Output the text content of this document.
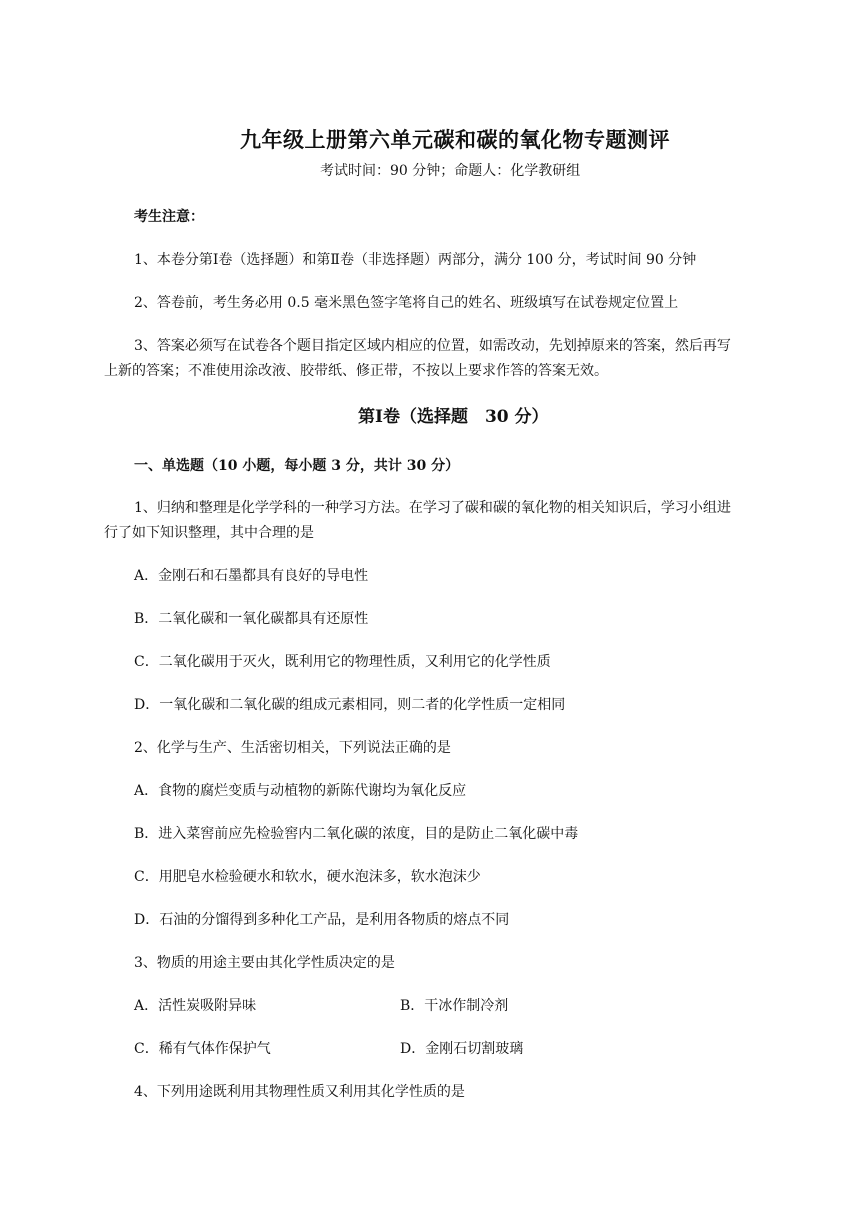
九年级上册第六单元碳和碳的氧化物专题测评
考试时间：90 分钟；命题人：化学教研组
考生注意：
1、本卷分第Ⅰ卷（选择题）和第Ⅱ卷（非选择题）两部分，满分 100 分，考试时间 90 分钟
2、答卷前，考生务必用 0.5 毫米黑色签字笔将自己的姓名、班级填写在试卷规定位置上
3、答案必须写在试卷各个题目指定区域内相应的位置，如需改动，先划掉原来的答案，然后再写
上新的答案；不准使用涂改液、胶带纸、修正带，不按以上要求作答的答案无效。
第Ⅰ卷（选择题　30 分）
一、单选题（10 小题，每小题 3 分，共计 30 分）
1、归纳和整理是化学学科的一种学习方法。在学习了碳和碳的氧化物的相关知识后，学习小组进
行了如下知识整理，其中合理的是
A．金刚石和石墨都具有良好的导电性
B．二氧化碳和一氧化碳都具有还原性
C．二氧化碳用于灭火，既利用它的物理性质，又利用它的化学性质
D．一氧化碳和二氧化碳的组成元素相同，则二者的化学性质一定相同
2、化学与生产、生活密切相关，下列说法正确的是
A．食物的腐烂变质与动植物的新陈代谢均为氧化反应
B．进入菜窖前应先检验窖内二氧化碳的浓度，目的是防止二氧化碳中毒
C．用肥皂水检验硬水和软水，硬水泡沫多，软水泡沫少
D．石油的分馏得到多种化工产品，是利用各物质的熔点不同
3、物质的用途主要由其化学性质决定的是
A．活性炭吸附异味	B．干冰作制冷剂
C．稀有气体作保护气	D．金刚石切割玻璃
4、下列用途既利用其物理性质又利用其化学性质的是
